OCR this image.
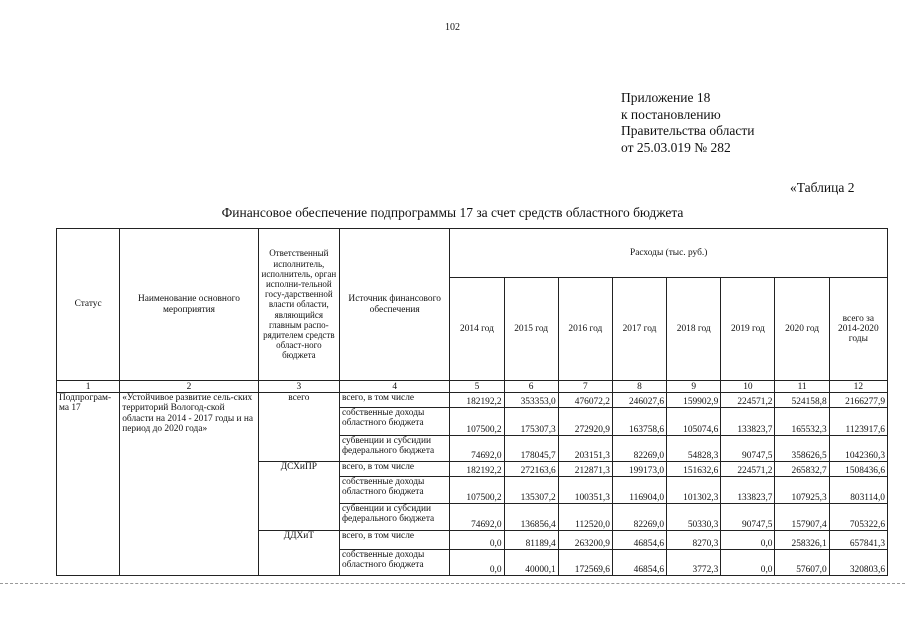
102
Приложение 18
к постановлению
Правительства области
от 25.03.019 № 282
«Таблица 2
Финансовое обеспечение подпрограммы 17 за счет средств областного бюджета
Статус	Наименование основного мероприятия	Ответственный исполнитель, исполнитель, орган исполни-тельной госу-дарственной власти области, являющийся главным распо-рядителем средств област-ного бюджета	Источник финансового обеспечения	Расходы (тыс. руб.)							
				2014 год	2015 год	2016 год	2017 год	2018 год	2019 год	2020 год	всего за 2014-2020 годы
1	2	3	4	5	6	7	8	9	10	11	12
Подпрограм-ма 17	«Устойчивое развитие сель-ских территорий Вологод-ской области на 2014 - 2017 годы и на период до 2020 года»	всего	всего, в том числе	182192,2	353353,0	476072,2	246027,6	159902,9	224571,2	524158,8	2166277,9
			собственные доходы областного бюджета	107500,2	175307,3	272920,9	163758,6	105074,6	133823,7	165532,3	1123917,6
			субвенции и субсидии федерального бюджета	74692,0	178045,7	203151,3	82269,0	54828,3	90747,5	358626,5	1042360,3
		ДСХиПР	всего, в том числе	182192,2	272163,6	212871,3	199173,0	151632,6	224571,2	265832,7	1508436,6
			собственные доходы областного бюджета	107500,2	135307,2	100351,3	116904,0	101302,3	133823,7	107925,3	803114,0
			субвенции и субсидии федерального бюджета	74692,0	136856,4	112520,0	82269,0	50330,3	90747,5	157907,4	705322,6
		ДДХиТ	всего, в том числе	0,0	81189,4	263200,9	46854,6	8270,3	0,0	258326,1	657841,3
			собственные доходы областного бюджета	0,0	40000,1	172569,6	46854,6	3772,3	0,0	57607,0	320803,6
